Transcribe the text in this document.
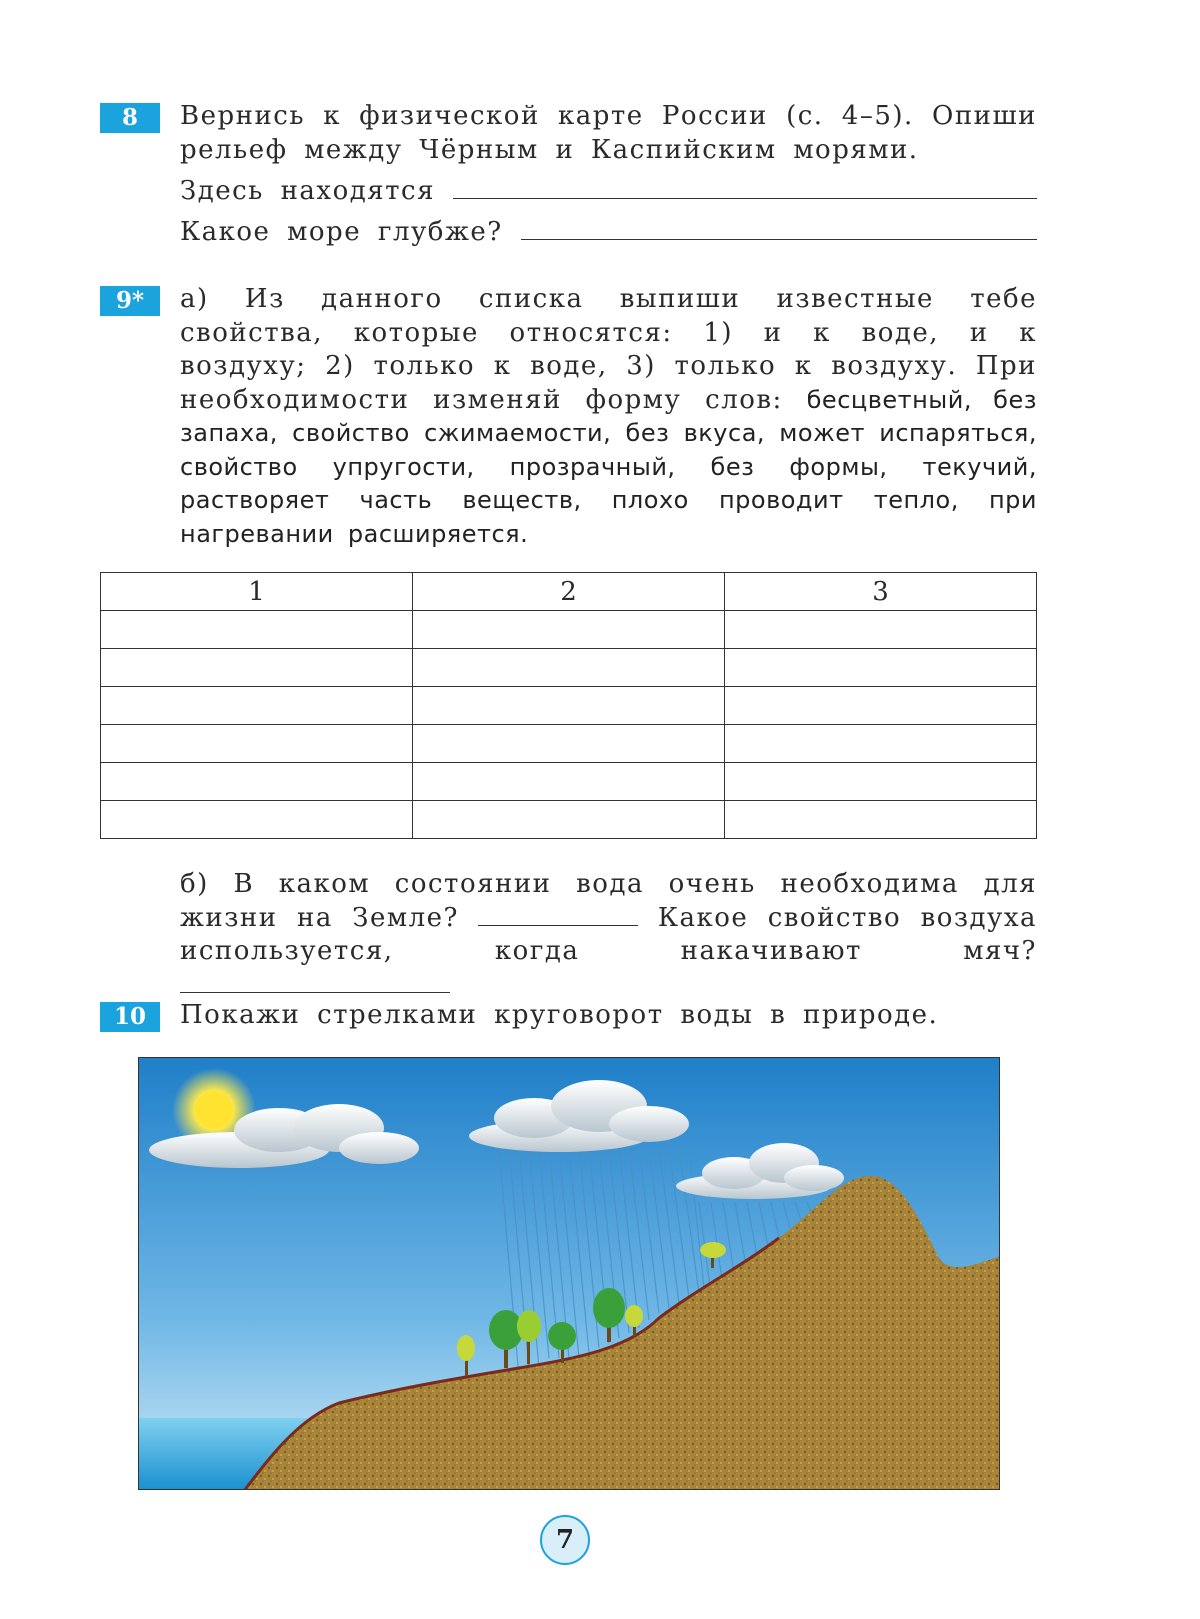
8	Вернись к физической карте России (с. 4–5). Опиши рельеф между Чёрным и Каспийским морями.
Здесь находятся
Какое море глубже?
9*	а) Из данного списка выпиши известные тебе свойства, которые относятся: 1) и к воде, и к воздуху; 2) только к воде, 3) только к воздуху. При необходимости изменяй форму слов: бесцветный, без запаха, свойство сжимаемости, без вкуса, может испаряться, свойство упругости, прозрачный, без формы, текучий, растворяет часть веществ, плохо проводит тепло, при нагревании расширяется.
1	2	3

б) В каком состоянии вода очень необходима для жизни на Земле?	Какое свойство воздуха используется, когда накачивают мяч?
10	Покажи стрелками круговорот воды в природе.
7
